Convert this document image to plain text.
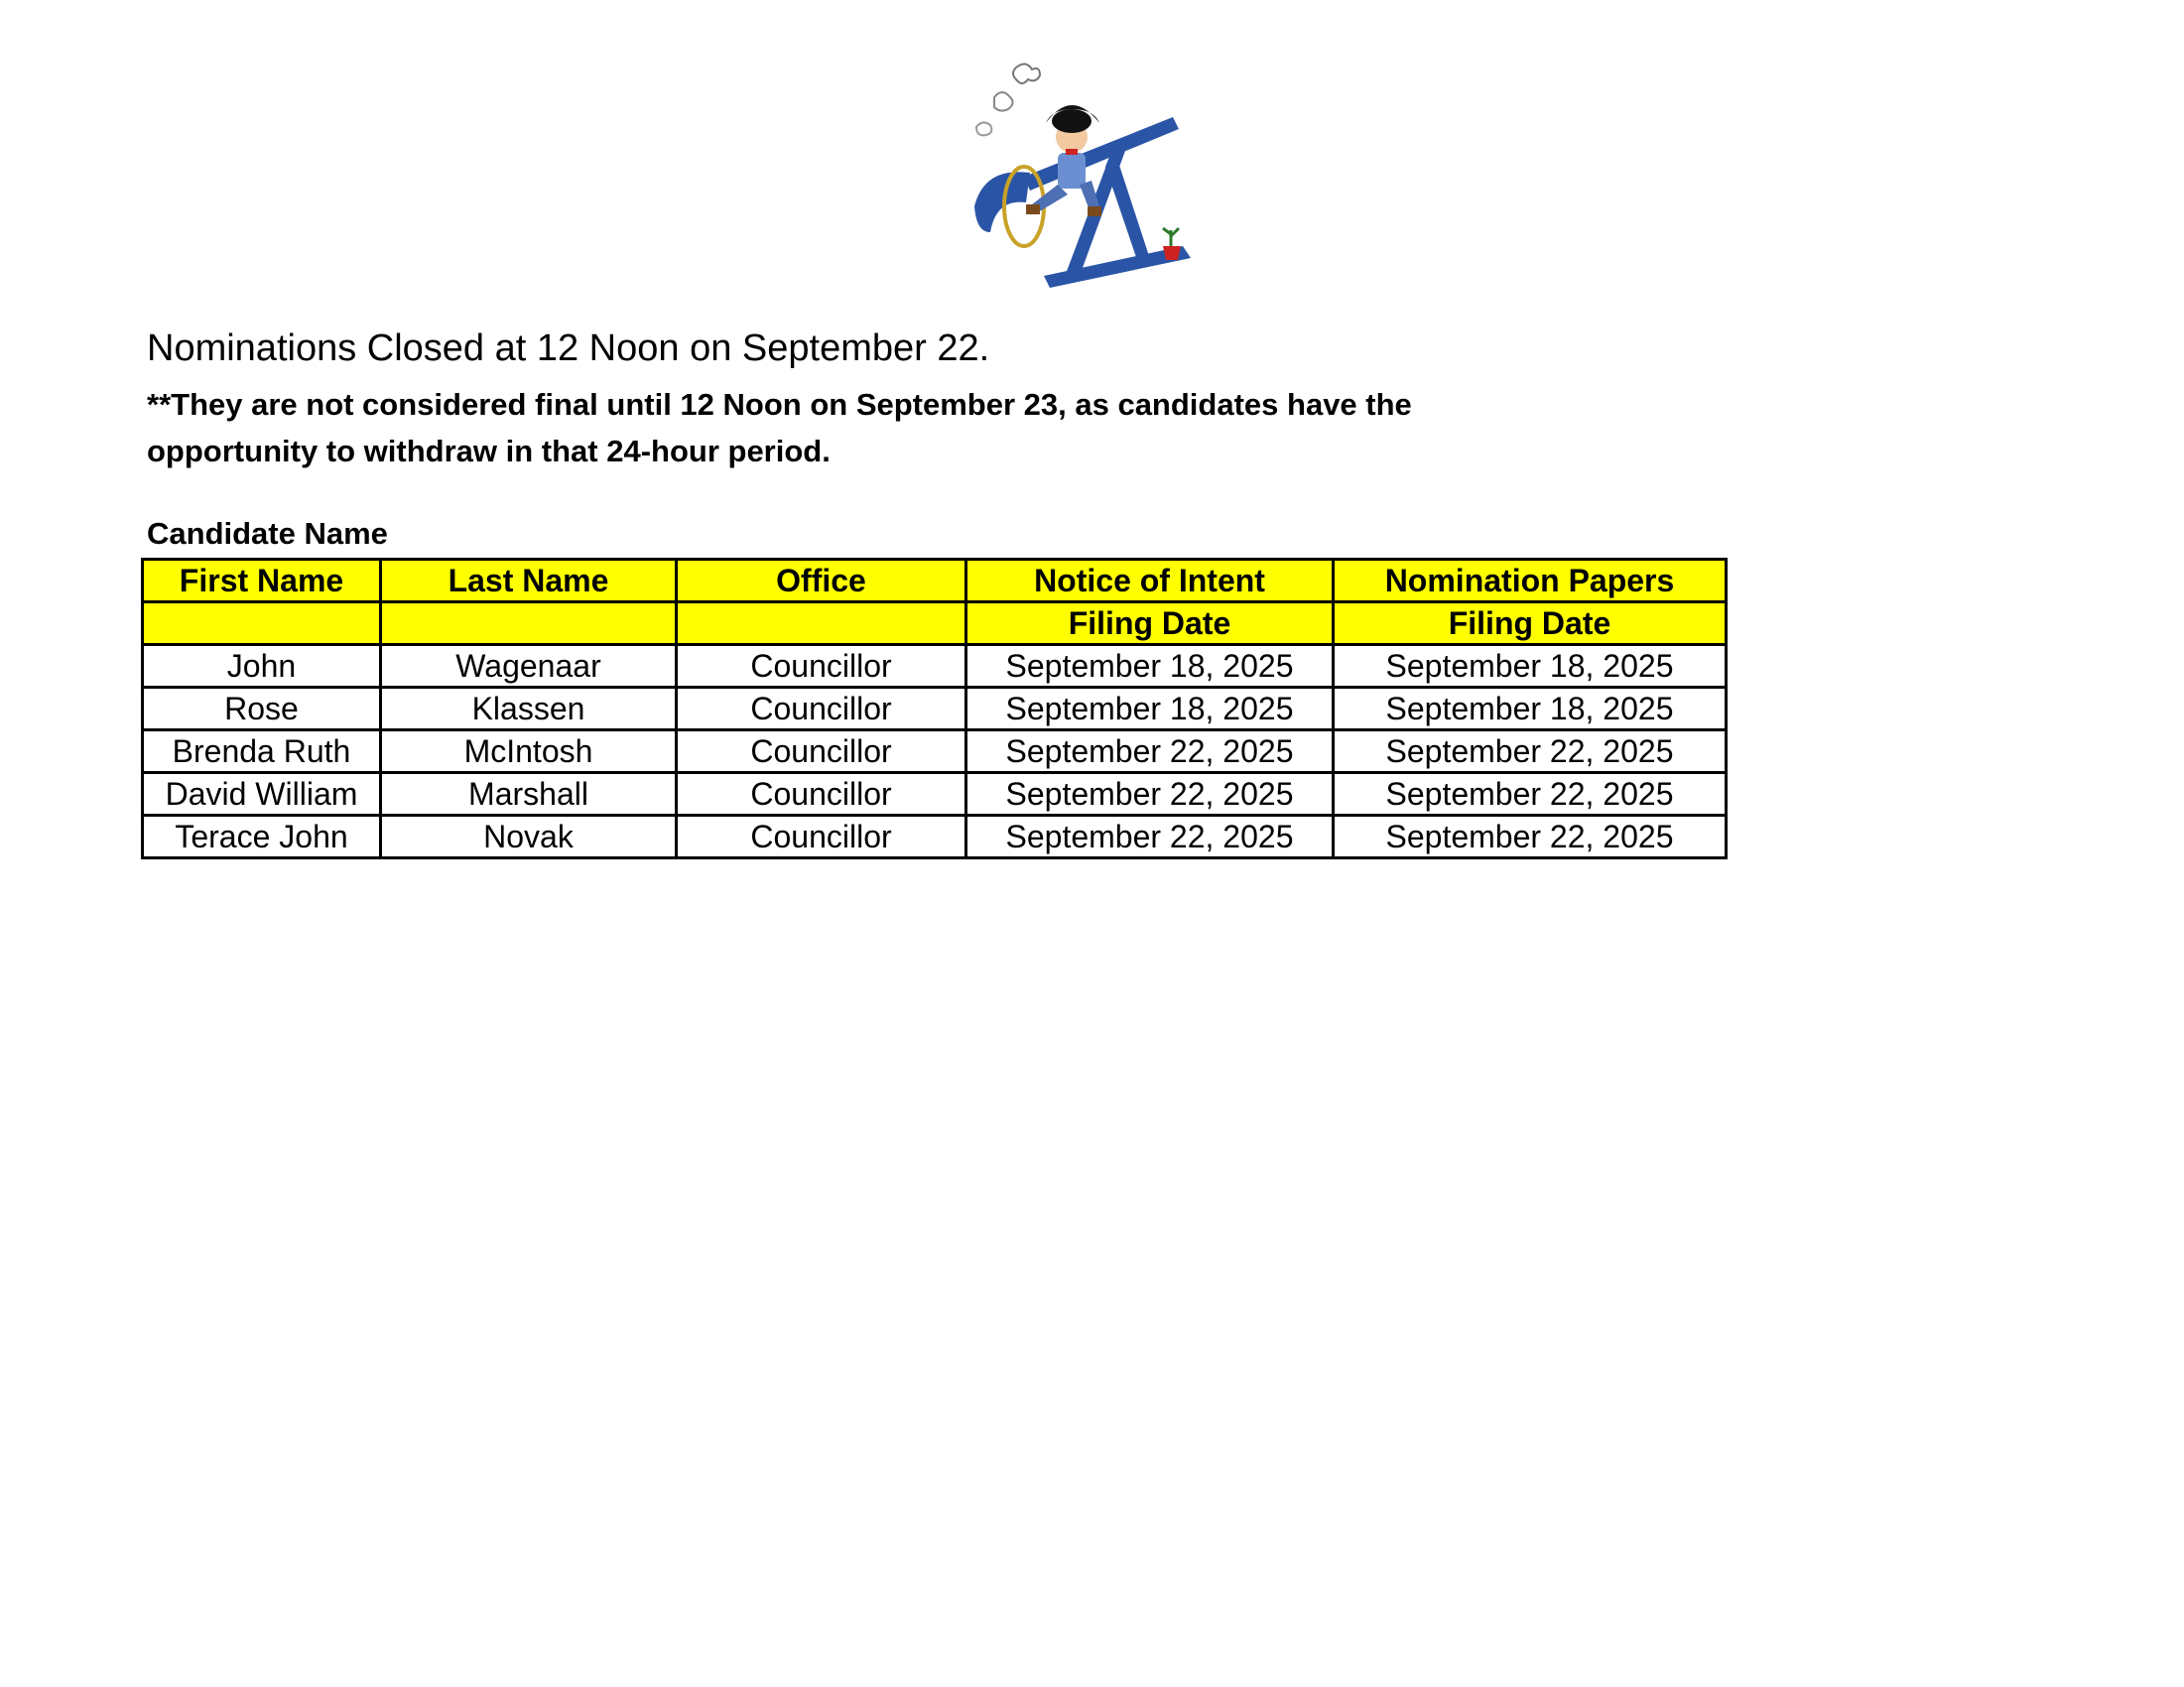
Nominations Closed at 12 Noon on September 22.

**They are not considered final until 12 Noon on September 23, as candidates have the opportunity to withdraw in that 24-hour period.

Candidate Name

First Name	Last Name	Office	Notice of Intent	Nomination Papers
			Filing Date	Filing Date
John	Wagenaar	Councillor	September 18, 2025	September 18, 2025
Rose	Klassen	Councillor	September 18, 2025	September 18, 2025
Brenda Ruth	McIntosh	Councillor	September 22, 2025	September 22, 2025
David William	Marshall	Councillor	September 22, 2025	September 22, 2025
Terace John	Novak	Councillor	September 22, 2025	September 22, 2025
